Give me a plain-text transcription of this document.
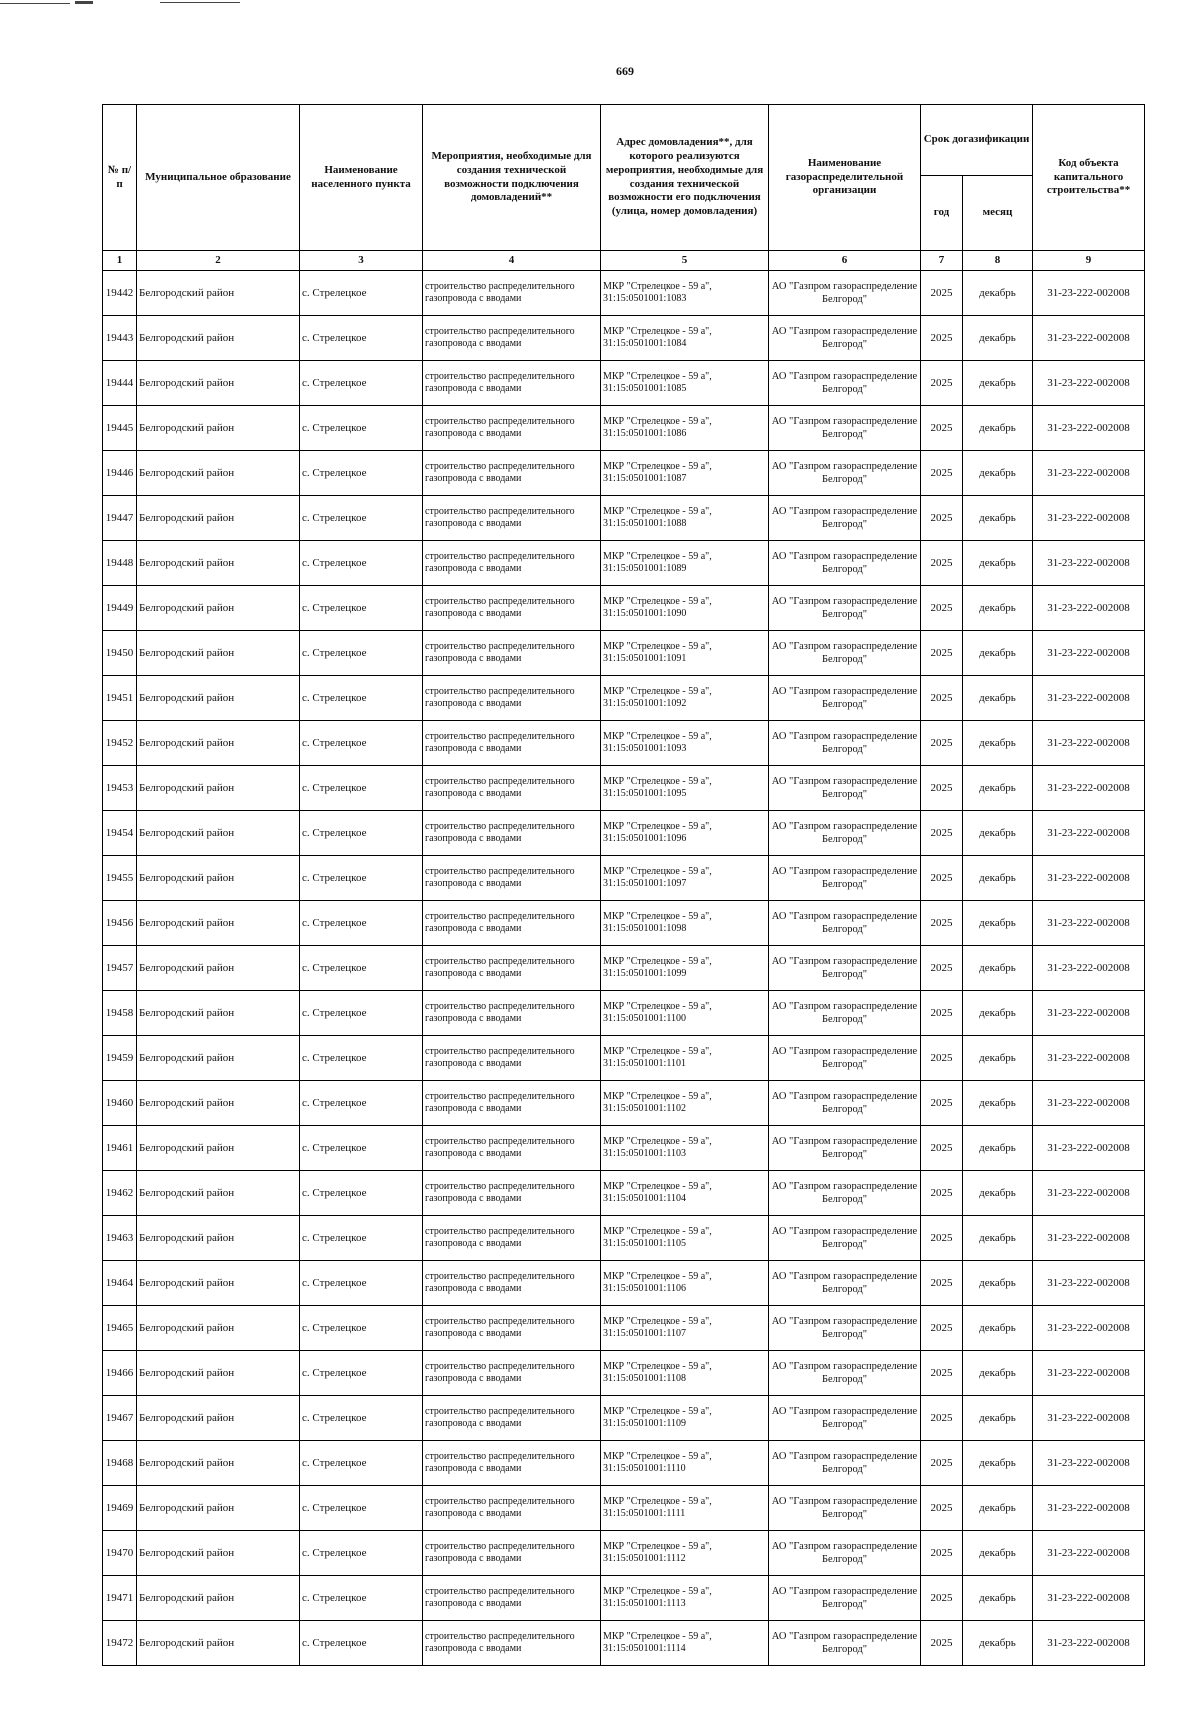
669
№ п/п	Муниципальное образование	Наименование населенного пункта	Мероприятия, необходимые для создания технической возможности подключения домовладений**	Адрес домовладения**, для которого реализуются мероприятия, необходимые для создания технической возможности его подключения (улица, номер домовладения)	Наименование газораспределительной организации	Срок догазификации		Код объекта капитального строительства**
						год	месяц	
1	2	3	4	5	6	7	8	9
19442	Белгородский район	с. Стрелецкое	строительство распределительного газопровода с вводами	МКР "Стрелецкое - 59 а", 31:15:0501001:1083	АО "Газпром газораспределение Белгород"	2025	декабрь	31-23-222-002008
19443	Белгородский район	с. Стрелецкое	строительство распределительного газопровода с вводами	МКР "Стрелецкое - 59 а", 31:15:0501001:1084	АО "Газпром газораспределение Белгород"	2025	декабрь	31-23-222-002008
19444	Белгородский район	с. Стрелецкое	строительство распределительного газопровода с вводами	МКР "Стрелецкое - 59 а", 31:15:0501001:1085	АО "Газпром газораспределение Белгород"	2025	декабрь	31-23-222-002008
19445	Белгородский район	с. Стрелецкое	строительство распределительного газопровода с вводами	МКР "Стрелецкое - 59 а", 31:15:0501001:1086	АО "Газпром газораспределение Белгород"	2025	декабрь	31-23-222-002008
19446	Белгородский район	с. Стрелецкое	строительство распределительного газопровода с вводами	МКР "Стрелецкое - 59 а", 31:15:0501001:1087	АО "Газпром газораспределение Белгород"	2025	декабрь	31-23-222-002008
19447	Белгородский район	с. Стрелецкое	строительство распределительного газопровода с вводами	МКР "Стрелецкое - 59 а", 31:15:0501001:1088	АО "Газпром газораспределение Белгород"	2025	декабрь	31-23-222-002008
19448	Белгородский район	с. Стрелецкое	строительство распределительного газопровода с вводами	МКР "Стрелецкое - 59 а", 31:15:0501001:1089	АО "Газпром газораспределение Белгород"	2025	декабрь	31-23-222-002008
19449	Белгородский район	с. Стрелецкое	строительство распределительного газопровода с вводами	МКР "Стрелецкое - 59 а", 31:15:0501001:1090	АО "Газпром газораспределение Белгород"	2025	декабрь	31-23-222-002008
19450	Белгородский район	с. Стрелецкое	строительство распределительного газопровода с вводами	МКР "Стрелецкое - 59 а", 31:15:0501001:1091	АО "Газпром газораспределение Белгород"	2025	декабрь	31-23-222-002008
19451	Белгородский район	с. Стрелецкое	строительство распределительного газопровода с вводами	МКР "Стрелецкое - 59 а", 31:15:0501001:1092	АО "Газпром газораспределение Белгород"	2025	декабрь	31-23-222-002008
19452	Белгородский район	с. Стрелецкое	строительство распределительного газопровода с вводами	МКР "Стрелецкое - 59 а", 31:15:0501001:1093	АО "Газпром газораспределение Белгород"	2025	декабрь	31-23-222-002008
19453	Белгородский район	с. Стрелецкое	строительство распределительного газопровода с вводами	МКР "Стрелецкое - 59 а", 31:15:0501001:1095	АО "Газпром газораспределение Белгород"	2025	декабрь	31-23-222-002008
19454	Белгородский район	с. Стрелецкое	строительство распределительного газопровода с вводами	МКР "Стрелецкое - 59 а", 31:15:0501001:1096	АО "Газпром газораспределение Белгород"	2025	декабрь	31-23-222-002008
19455	Белгородский район	с. Стрелецкое	строительство распределительного газопровода с вводами	МКР "Стрелецкое - 59 а", 31:15:0501001:1097	АО "Газпром газораспределение Белгород"	2025	декабрь	31-23-222-002008
19456	Белгородский район	с. Стрелецкое	строительство распределительного газопровода с вводами	МКР "Стрелецкое - 59 а", 31:15:0501001:1098	АО "Газпром газораспределение Белгород"	2025	декабрь	31-23-222-002008
19457	Белгородский район	с. Стрелецкое	строительство распределительного газопровода с вводами	МКР "Стрелецкое - 59 а", 31:15:0501001:1099	АО "Газпром газораспределение Белгород"	2025	декабрь	31-23-222-002008
19458	Белгородский район	с. Стрелецкое	строительство распределительного газопровода с вводами	МКР "Стрелецкое - 59 а", 31:15:0501001:1100	АО "Газпром газораспределение Белгород"	2025	декабрь	31-23-222-002008
19459	Белгородский район	с. Стрелецкое	строительство распределительного газопровода с вводами	МКР "Стрелецкое - 59 а", 31:15:0501001:1101	АО "Газпром газораспределение Белгород"	2025	декабрь	31-23-222-002008
19460	Белгородский район	с. Стрелецкое	строительство распределительного газопровода с вводами	МКР "Стрелецкое - 59 а", 31:15:0501001:1102	АО "Газпром газораспределение Белгород"	2025	декабрь	31-23-222-002008
19461	Белгородский район	с. Стрелецкое	строительство распределительного газопровода с вводами	МКР "Стрелецкое - 59 а", 31:15:0501001:1103	АО "Газпром газораспределение Белгород"	2025	декабрь	31-23-222-002008
19462	Белгородский район	с. Стрелецкое	строительство распределительного газопровода с вводами	МКР "Стрелецкое - 59 а", 31:15:0501001:1104	АО "Газпром газораспределение Белгород"	2025	декабрь	31-23-222-002008
19463	Белгородский район	с. Стрелецкое	строительство распределительного газопровода с вводами	МКР "Стрелецкое - 59 а", 31:15:0501001:1105	АО "Газпром газораспределение Белгород"	2025	декабрь	31-23-222-002008
19464	Белгородский район	с. Стрелецкое	строительство распределительного газопровода с вводами	МКР "Стрелецкое - 59 а", 31:15:0501001:1106	АО "Газпром газораспределение Белгород"	2025	декабрь	31-23-222-002008
19465	Белгородский район	с. Стрелецкое	строительство распределительного газопровода с вводами	МКР "Стрелецкое - 59 а", 31:15:0501001:1107	АО "Газпром газораспределение Белгород"	2025	декабрь	31-23-222-002008
19466	Белгородский район	с. Стрелецкое	строительство распределительного газопровода с вводами	МКР "Стрелецкое - 59 а", 31:15:0501001:1108	АО "Газпром газораспределение Белгород"	2025	декабрь	31-23-222-002008
19467	Белгородский район	с. Стрелецкое	строительство распределительного газопровода с вводами	МКР "Стрелецкое - 59 а", 31:15:0501001:1109	АО "Газпром газораспределение Белгород"	2025	декабрь	31-23-222-002008
19468	Белгородский район	с. Стрелецкое	строительство распределительного газопровода с вводами	МКР "Стрелецкое - 59 а", 31:15:0501001:1110	АО "Газпром газораспределение Белгород"	2025	декабрь	31-23-222-002008
19469	Белгородский район	с. Стрелецкое	строительство распределительного газопровода с вводами	МКР "Стрелецкое - 59 а", 31:15:0501001:1111	АО "Газпром газораспределение Белгород"	2025	декабрь	31-23-222-002008
19470	Белгородский район	с. Стрелецкое	строительство распределительного газопровода с вводами	МКР "Стрелецкое - 59 а", 31:15:0501001:1112	АО "Газпром газораспределение Белгород"	2025	декабрь	31-23-222-002008
19471	Белгородский район	с. Стрелецкое	строительство распределительного газопровода с вводами	МКР "Стрелецкое - 59 а", 31:15:0501001:1113	АО "Газпром газораспределение Белгород"	2025	декабрь	31-23-222-002008
19472	Белгородский район	с. Стрелецкое	строительство распределительного газопровода с вводами	МКР "Стрелецкое - 59 а", 31:15:0501001:1114	АО "Газпром газораспределение Белгород"	2025	декабрь	31-23-222-002008
